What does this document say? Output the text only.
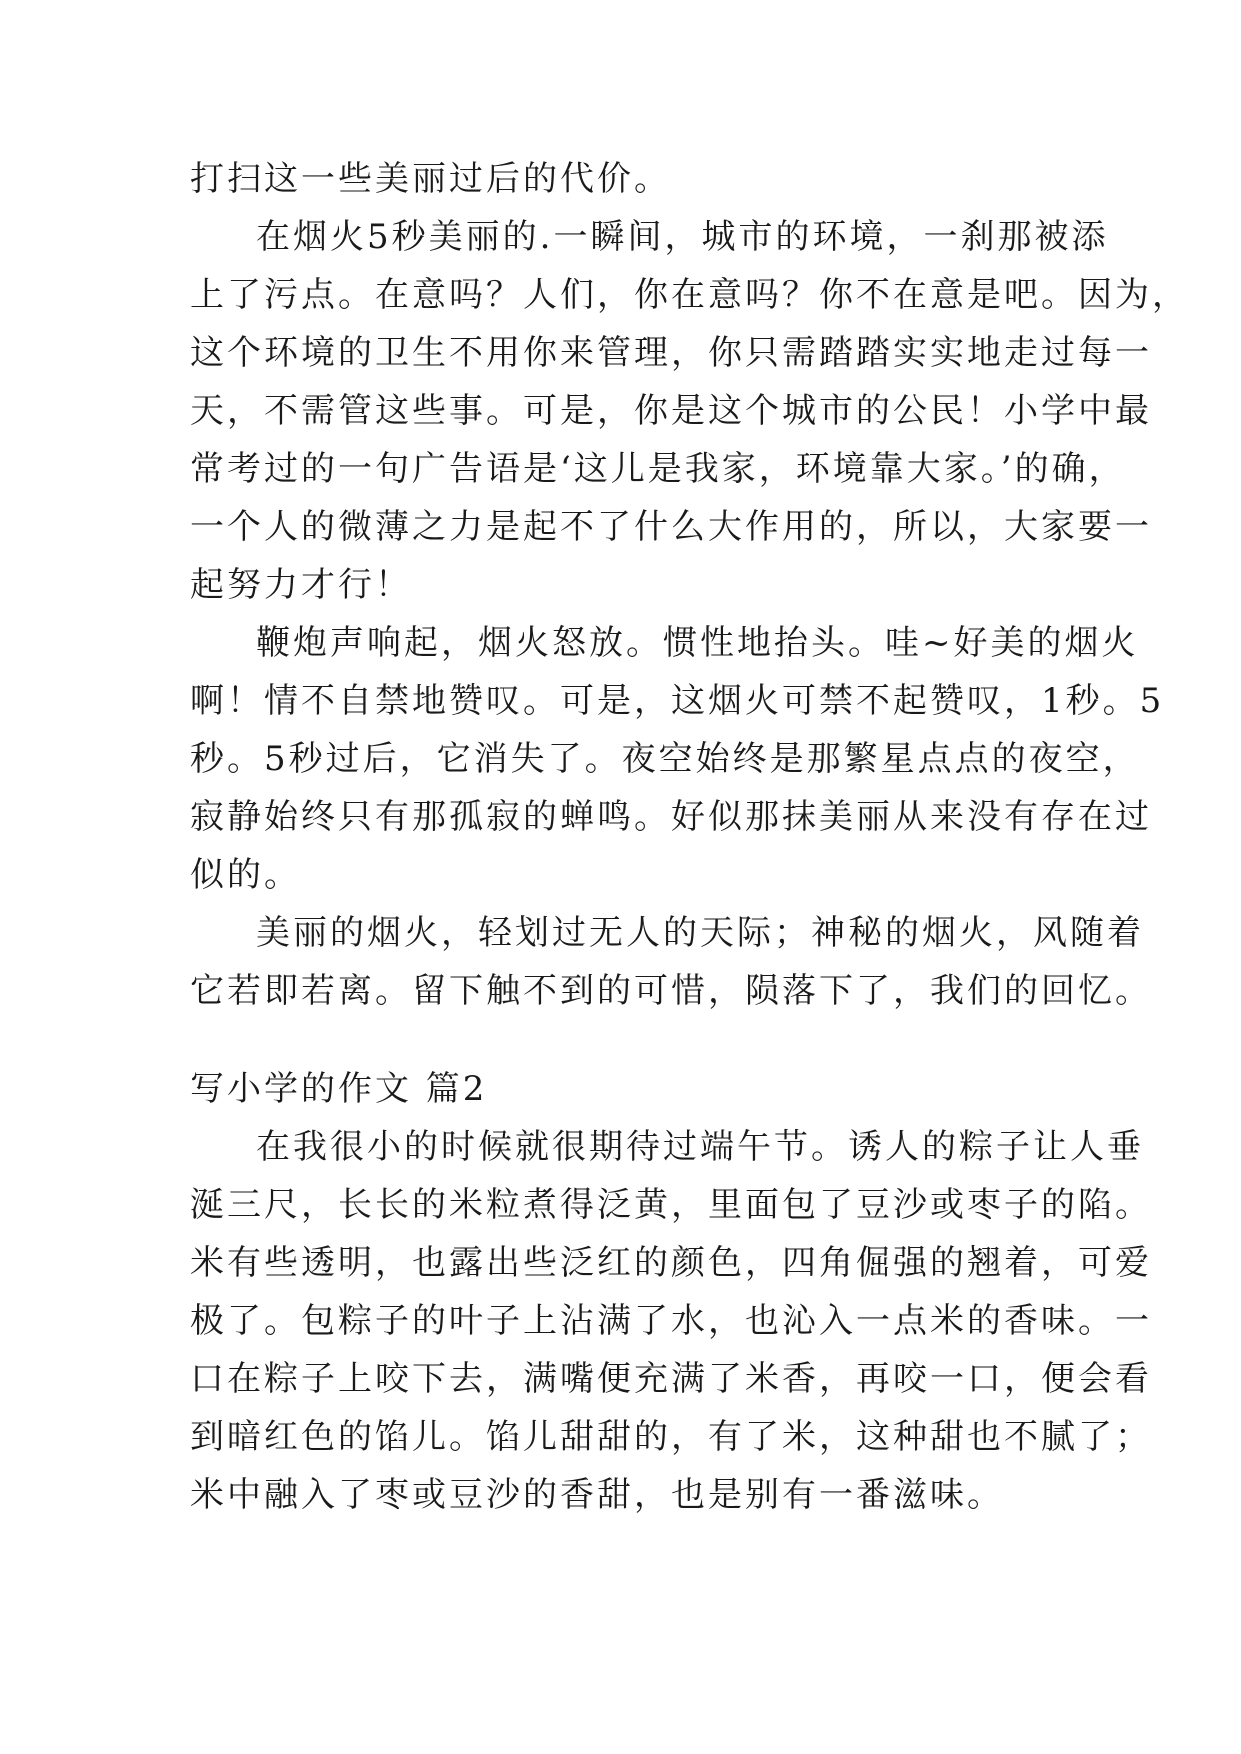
打扫这一些美丽过后的代价。
在烟火5秒美丽的.一瞬间，城市的环境，一刹那被添
上了污点。在意吗？人们，你在意吗？你不在意是吧。因为，
这个环境的卫生不用你来管理，你只需踏踏实实地走过每一
天，不需管这些事。可是，你是这个城市的公民！小学中最
常考过的一句广告语是‘这儿是我家，环境靠大家。’的确，
一个人的微薄之力是起不了什么大作用的，所以，大家要一
起努力才行！
鞭炮声响起，烟火怒放。惯性地抬头。哇~好美的烟火
啊！情不自禁地赞叹。可是，这烟火可禁不起赞叹，1秒。5
秒。5秒过后，它消失了。夜空始终是那繁星点点的夜空，
寂静始终只有那孤寂的蝉鸣。好似那抹美丽从来没有存在过
似的。
美丽的烟火，轻划过无人的天际；神秘的烟火，风随着
它若即若离。留下触不到的可惜，陨落下了，我们的回忆。
写小学的作文 篇2
在我很小的时候就很期待过端午节。诱人的粽子让人垂
涎三尺，长长的米粒煮得泛黄，里面包了豆沙或枣子的陷。
米有些透明，也露出些泛红的颜色，四角倔强的翘着，可爱
极了。包粽子的叶子上沾满了水，也沁入一点米的香味。一
口在粽子上咬下去，满嘴便充满了米香，再咬一口，便会看
到暗红色的馅儿。馅儿甜甜的，有了米，这种甜也不腻了；
米中融入了枣或豆沙的香甜，也是别有一番滋味。
